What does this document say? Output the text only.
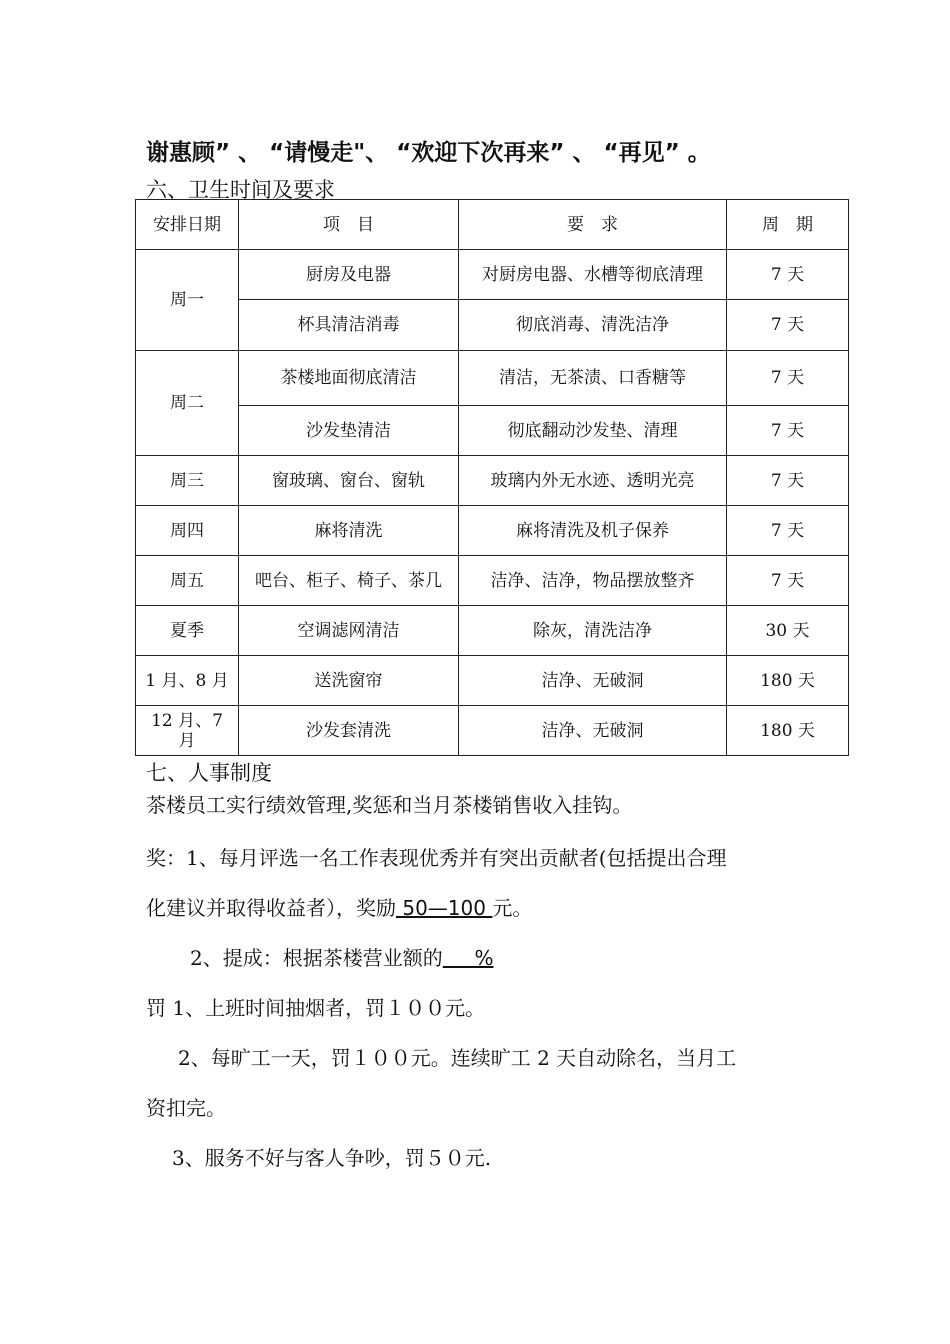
谢惠顾” 、 “请慢走"、 “欢迎下次再来” 、 “再见” 。
六、卫生时间及要求
安排日期	项　目	要　求	周　期
周一	厨房及电器	对厨房电器、水槽等彻底清理	7 天
	杯具清洁消毒	彻底消毒、清洗洁净	7 天
周二	茶楼地面彻底清洁	清洁，无茶渍、口香糖等	7 天
	沙发垫清洁	彻底翻动沙发垫、清理	7 天
周三	窗玻璃、窗台、窗轨	玻璃内外无水迹、透明光亮	7 天
周四	麻将清洗	麻将清洗及机子保养	7 天
周五	吧台、柜子、椅子、茶几	洁净、洁净，物品摆放整齐	7 天
夏季	空调滤网清洁	除灰，清洗洁净	30 天
1 月、8 月	送洗窗帘	洁净、无破洞	180 天
12 月、7 月	沙发套清洗	洁净、无破洞	180 天
七、人事制度
茶楼员工实行绩效管理,奖惩和当月茶楼销售收入挂钩。
奖：1、每月评选一名工作表现优秀并有突出贡献者(包括提出合理
化建议并取得收益者），奖励 50—100 元。
2、提成：根据茶楼营业额的     %
罚 1、上班时间抽烟者，罚１００元。
2、每旷工一天，罚１００元。连续旷工 2 天自动除名，当月工
资扣完。
3、服务不好与客人争吵，罚５０元.
